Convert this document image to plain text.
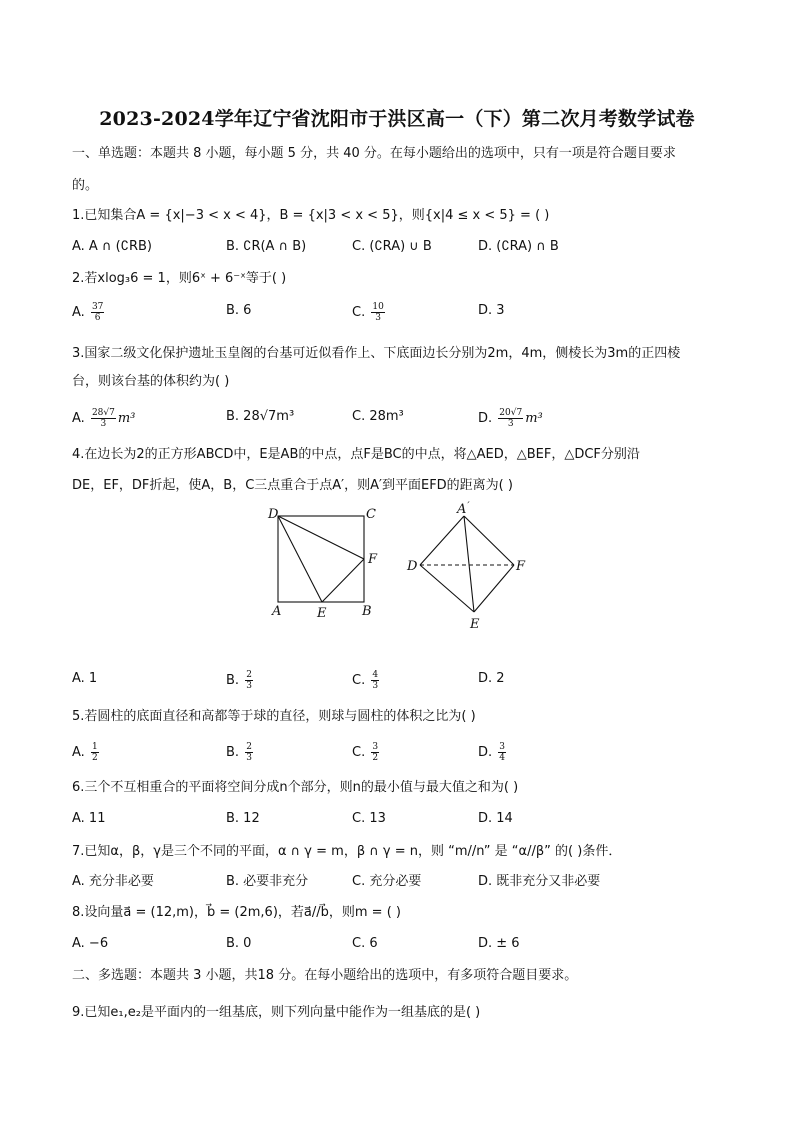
2023-2024学年辽宁省沈阳市于洪区高一（下）第二次月考数学试卷
一、单选题：本题共 8 小题，每小题 5 分，共 40 分。在每小题给出的选项中，只有一项是符合题目要求
的。
1.已知集合A = {x|−3 < x < 4}，B = {x|3 < x < 5}，则{x|4 ≤ x < 5} = ( )
A. A ∩ (∁RB)	B. ∁R(A ∩ B)	C. (∁RA) ∪ B	D. (∁RA) ∩ B
2.若xlog₃6 = 1，则6ˣ + 6⁻ˣ等于( )
A. $\frac{37}{6}$	B. 6	C. $\frac{10}{3}$	D. 3
3.国家二级文化保护遗址玉皇阁的台基可近似看作上、下底面边长分别为2m，4m，侧棱长为3m的正四棱
台，则该台基的体积约为( )
A. $\frac{28√7}{3} m^3$	B. 28√7m³	C. 28m³	D. $\frac{20√7}{3} m^3$
4.在边长为2的正方形ABCD中，E是AB的中点，点F是BC的中点，将△AED，△BEF，△DCF分别沿
DE，EF，DF折起，使A，B，C三点重合于点A′，则A′到平面EFD的距离为( )
D	C
F
A	E	B
A′
D	F
E
A. 1	B. $\frac{2}{3}$	C. $\frac{4}{3}$	D. 2
5.若圆柱的底面直径和高都等于球的直径，则球与圆柱的体积之比为( )
A. $\frac{1}{2}$	B. $\frac{2}{3}$	C. $\frac{3}{2}$	D. $\frac{3}{4}$
6.三个不互相重合的平面将空间分成n个部分，则n的最小值与最大值之和为( )
A. 11	B. 12	C. 13	D. 14
7.已知α，β，γ是三个不同的平面，α ∩ γ = m，β ∩ γ = n，则 “m//n” 是 “α//β” 的( )条件．
A. 充分非必要	B. 必要非充分	C. 充分必要	D. 既非充分又非必要
8.设向量a⃗ = (12,m)，b⃗ = (2m,6)，若a⃗//b⃗，则m = ( )
A. −6	B. 0	C. 6	D. ± 6
二、多选题：本题共 3 小题，共18 分。在每小题给出的选项中，有多项符合题目要求。
9.已知e₁,e₂是平面内的一组基底，则下列向量中能作为一组基底的是( )
